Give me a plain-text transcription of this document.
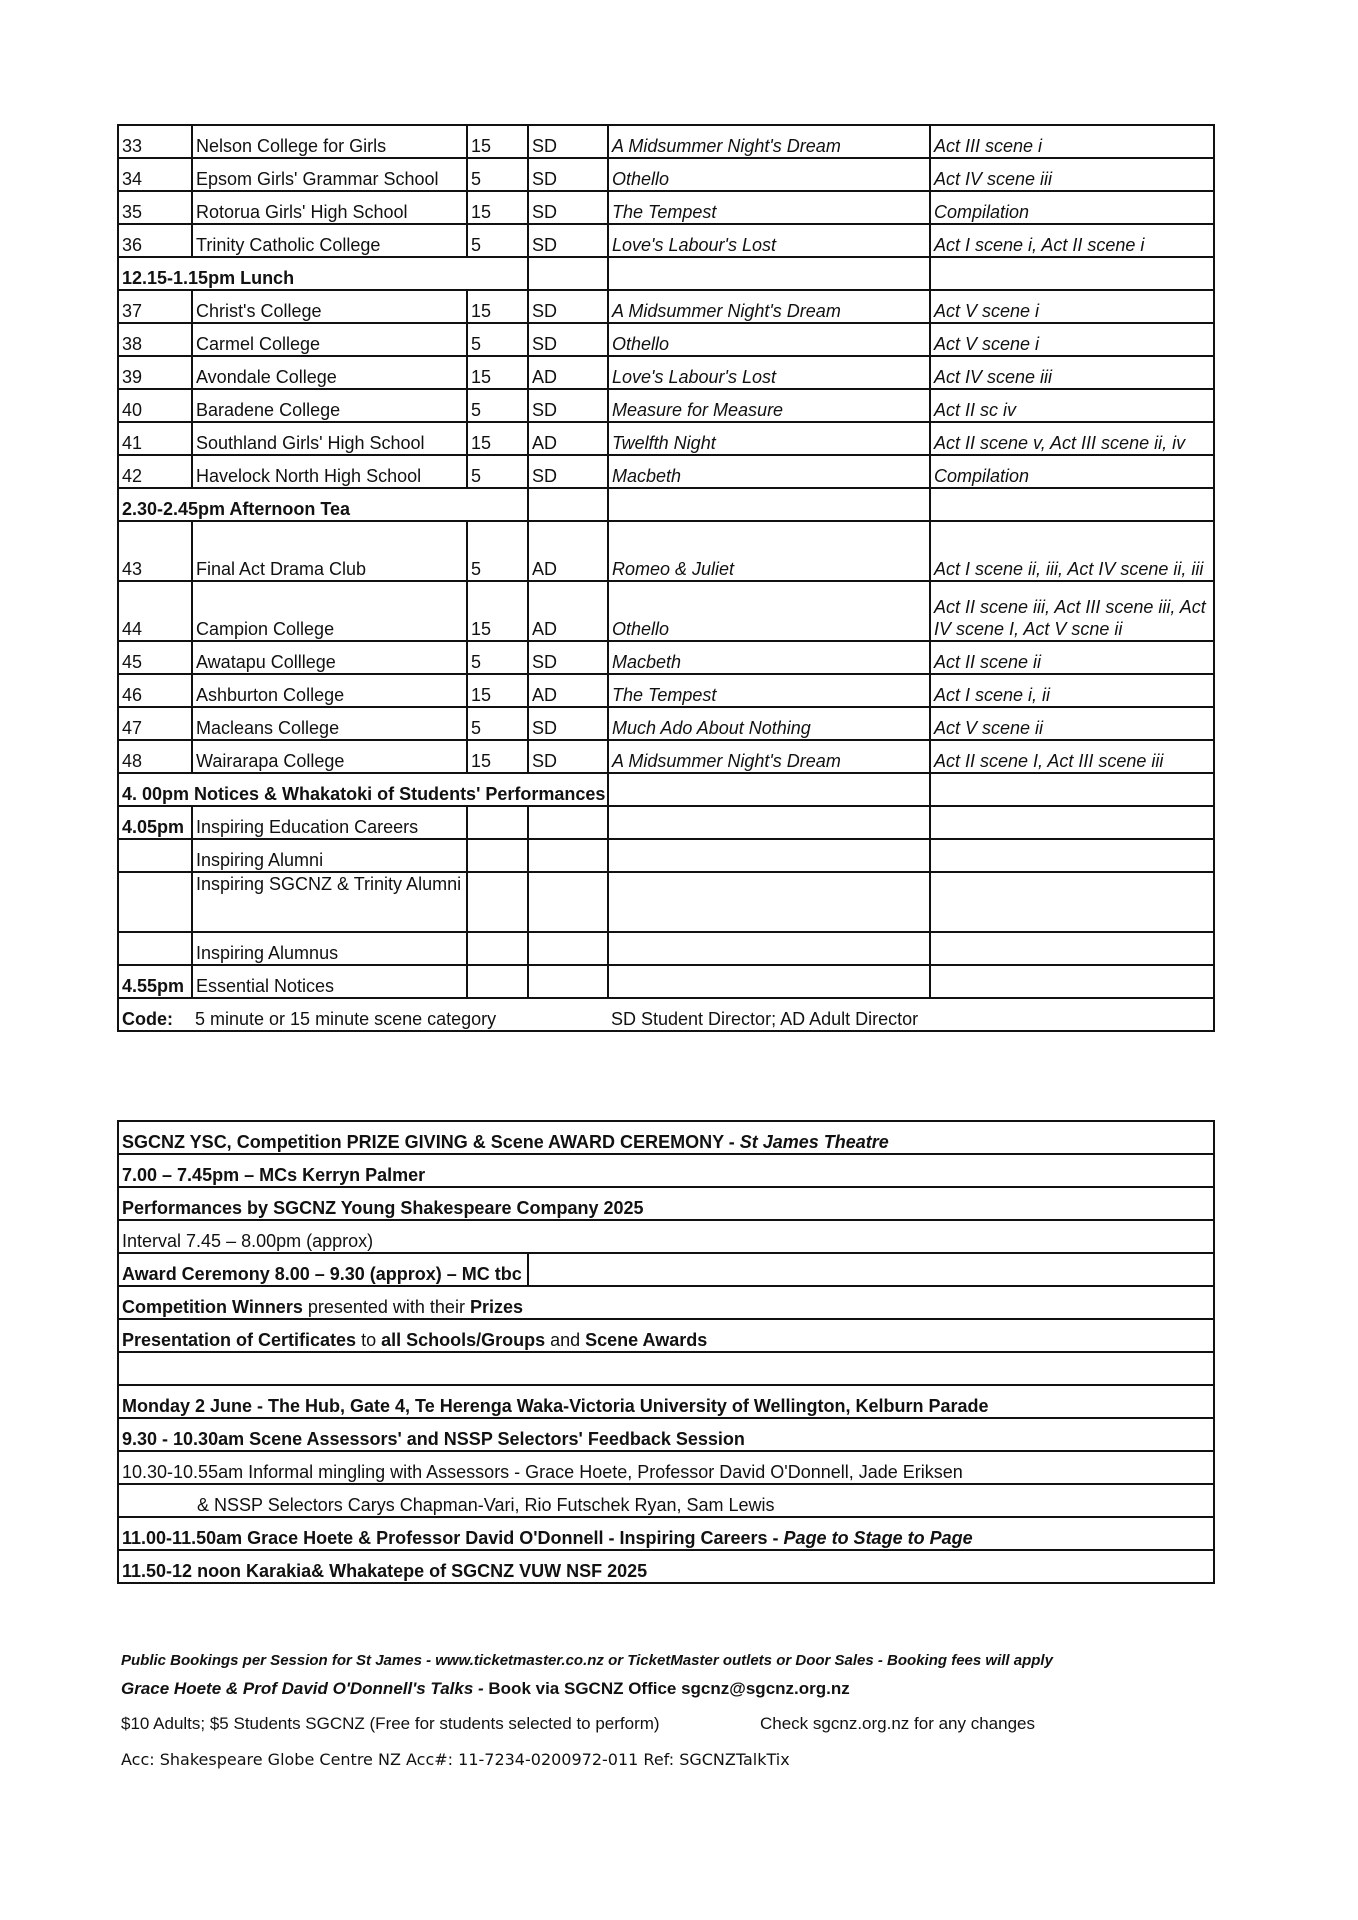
33	Nelson College for Girls	15	SD	A Midsummer Night's Dream	Act III scene i
34	Epsom Girls' Grammar School	5	SD	Othello	Act IV scene iii
35	Rotorua Girls' High School	15	SD	The Tempest	Compilation
36	Trinity Catholic College	5	SD	Love's Labour's Lost	Act I scene i, Act II scene i
12.15-1.15pm Lunch					
37	Christ's College	15	SD	A Midsummer Night's Dream	Act V scene i
38	Carmel College	5	SD	Othello	Act V scene i
39	Avondale College	15	AD	Love's Labour's Lost	Act IV scene iii
40	Baradene College	5	SD	Measure for Measure	Act II sc iv
41	Southland Girls' High School	15	AD	Twelfth Night	Act II scene v, Act III scene ii, iv
42	Havelock North High School	5	SD	Macbeth	Compilation
2.30-2.45pm Afternoon Tea					
43	Final Act Drama Club	5	AD	Romeo & Juliet	Act I scene ii, iii, Act IV scene ii, iii
44	Campion College	15	AD	Othello	Act II scene iii, Act III scene iii, Act IV scene I, Act V scne ii
45	Awatapu Colllege	5	SD	Macbeth	Act II scene ii
46	Ashburton College	15	AD	The Tempest	Act I scene i, ii
47	Macleans College	5	SD	Much Ado About Nothing	Act V scene ii
48	Wairarapa College	15	SD	A Midsummer Night's Dream	Act II scene I, Act III scene iii
4. 00pm Notices & Whakatoki of Students' Performances					
4.05pm	Inspiring Education Careers				
	Inspiring Alumni				
	Inspiring SGCNZ & Trinity Alumni				
	Inspiring Alumnus				
4.55pm	Essential Notices				
Code:	5 minute or 15 minute scene category			SD Student Director; AD Adult Director	
SGCNZ YSC, Competition PRIZE GIVING & Scene AWARD CEREMONY - St James Theatre
7.00 – 7.45pm – MCs Kerryn Palmer
Performances by SGCNZ Young Shakespeare Company 2025
Interval 7.45 – 8.00pm (approx)
Award Ceremony 8.00 – 9.30 (approx) – MC tbc	
Competition Winners presented with their Prizes
Presentation of Certificates to all Schools/Groups and Scene Awards

Monday 2 June - The Hub, Gate 4, Te Herenga Waka-Victoria University of Wellington, Kelburn Parade
9.30 - 10.30am Scene Assessors' and NSSP Selectors' Feedback Session
10.30-10.55am Informal mingling with Assessors - Grace Hoete, Professor David O'Donnell, Jade Eriksen
& NSSP Selectors Carys Chapman-Vari, Rio Futschek Ryan, Sam Lewis
11.00-11.50am Grace Hoete & Professor David O'Donnell - Inspiring Careers - Page to Stage to Page
11.50-12 noon Karakia& Whakatepe of SGCNZ VUW NSF 2025
Public Bookings per Session for St James - www.ticketmaster.co.nz or TicketMaster outlets or Door Sales - Booking fees will apply
Grace Hoete & Prof David O'Donnell's Talks - Book via SGCNZ Office sgcnz@sgcnz.org.nz
$10 Adults; $5 Students SGCNZ (Free for students selected to perform)	Check sgcnz.org.nz for any changes
Acc: Shakespeare Globe Centre NZ Acc#: 11-7234-0200972-011 Ref: SGCNZTalkTix
